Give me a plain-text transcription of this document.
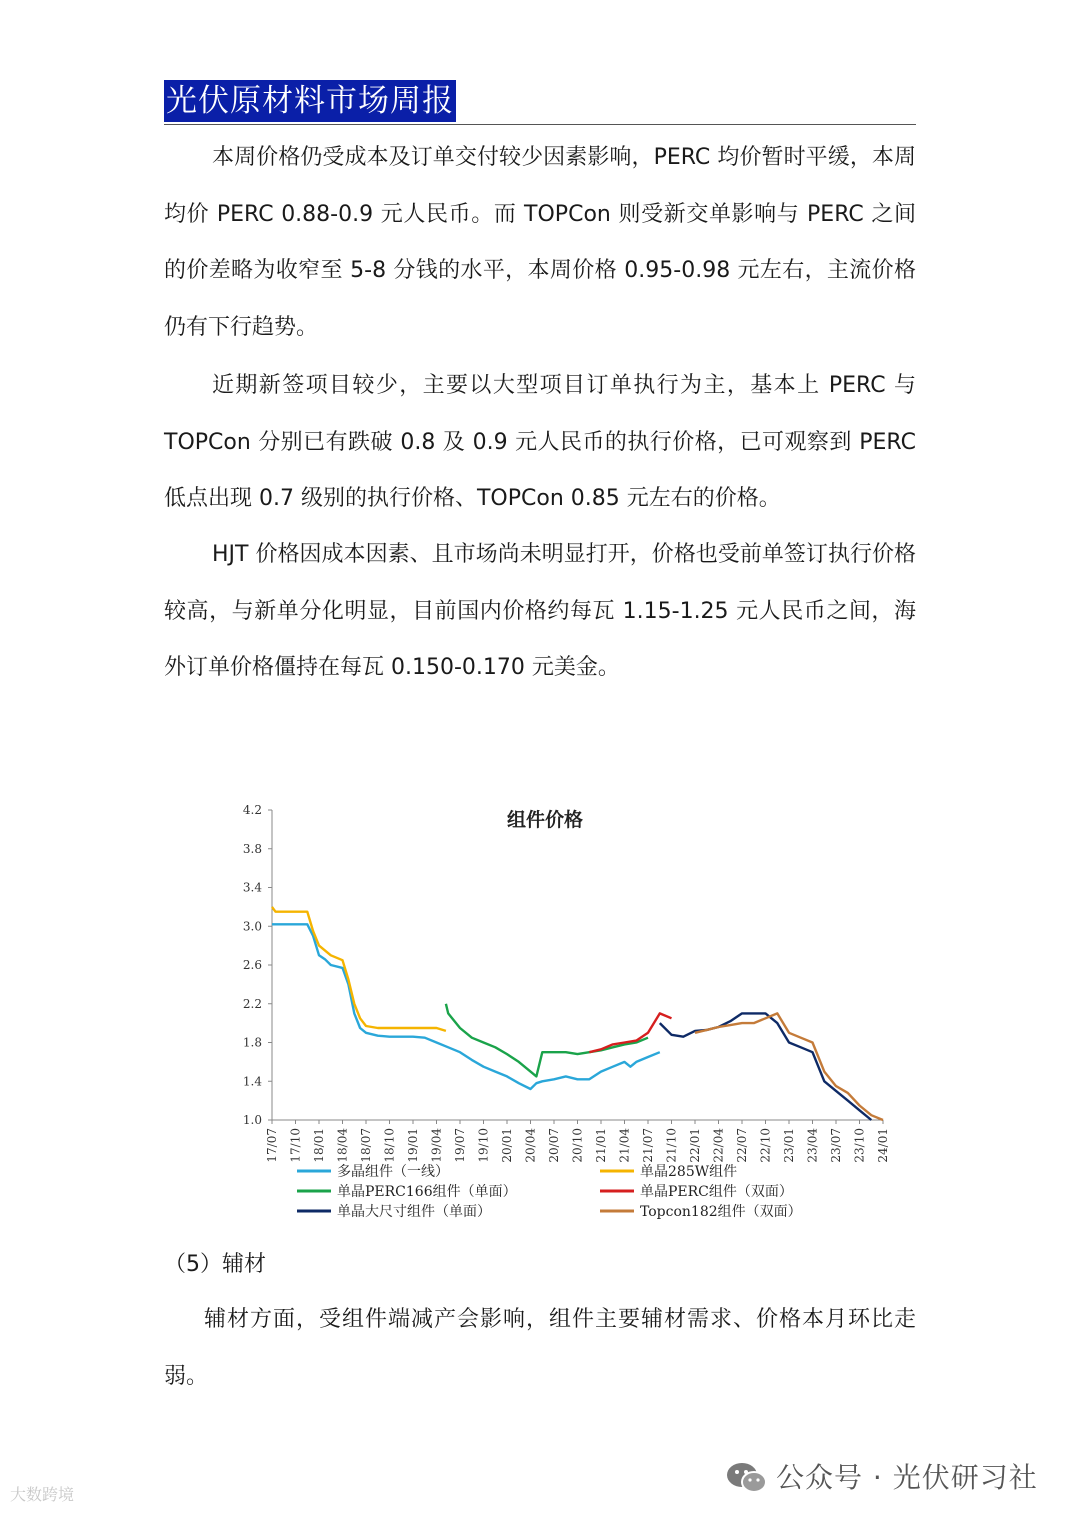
光伏原材料市场周报

本周价格仍受成本及订单交付较少因素影响，PERC 均价暂时平缓，本周均价 PERC 0.88-0.9 元人民币。而 TOPCon 则受新交单影响与 PERC 之间的价差略为收窄至 5-8 分钱的水平，本周价格 0.95-0.98 元左右，主流价格仍有下行趋势。

近期新签项目较少，主要以大型项目订单执行为主，基本上 PERC 与 TOPCon 分别已有跌破 0.8 及 0.9 元人民币的执行价格，已可观察到 PERC 低点出现 0.7 级别的执行价格、TOPCon 0.85 元左右的价格。

HJT 价格因成本因素、且市场尚未明显打开，价格也受前单签订执行价格较高，与新单分化明显，目前国内价格约每瓦 1.15-1.25 元人民币之间，海外订单价格僵持在每瓦 0.150-0.170 元美金。

组件价格
1.0
1.4
1.8
2.2
2.6
3.0
3.4
3.8
4.2
17/07 17/10 18/01 18/04 18/07 18/10 19/01 19/04 19/07 19/10 20/01 20/04 20/07 20/10 21/01 21/04 21/07 21/10 22/01 22/04 22/07 22/10 23/01 23/04 23/07 23/10 24/01
多晶组件（一线）	单晶285W组件
单晶PERC166组件（单面）	单晶PERC组件（双面）
单晶大尺寸组件（单面）	Topcon182组件（双面）
（5）辅材

辅材方面，受组件端减产会影响，组件主要辅材需求、价格本月环比走弱。

大数跨境
公众号 · 光伏研习社
